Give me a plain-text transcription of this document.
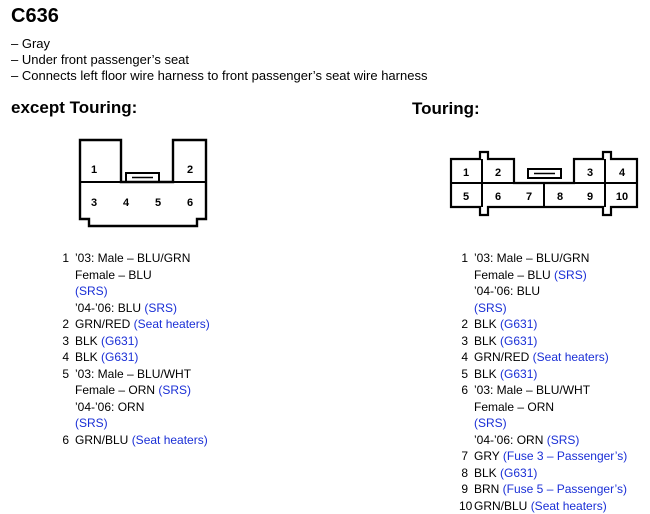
C636
– Gray
– Under front passenger’s seat
– Connects left floor wire harness to front passenger’s seat wire harness
except Touring:	Touring:
1	2
3 4 5 6
1 2	3 4
5 6 7 8 9 10
1 ’03: Male – BLU/GRN
Female – BLU
(SRS)
’04-’06: BLU (SRS)
2 GRN/RED (Seat heaters)
3 BLK (G631)
4 BLK (G631)
5 ’03: Male – BLU/WHT
Female – ORN (SRS)
’04-’06: ORN
(SRS)
6 GRN/BLU (Seat heaters)
1 ’03: Male – BLU/GRN
Female – BLU (SRS)
’04-’06: BLU
(SRS)
2 BLK (G631)
3 BLK (G631)
4 GRN/RED (Seat heaters)
5 BLK (G631)
6 ’03: Male – BLU/WHT
Female – ORN
(SRS)
’04-’06: ORN (SRS)
7 GRY (Fuse 3 – Passenger’s)
8 BLK (G631)
9 BRN (Fuse 5 – Passenger’s)
10 GRN/BLU (Seat heaters)
